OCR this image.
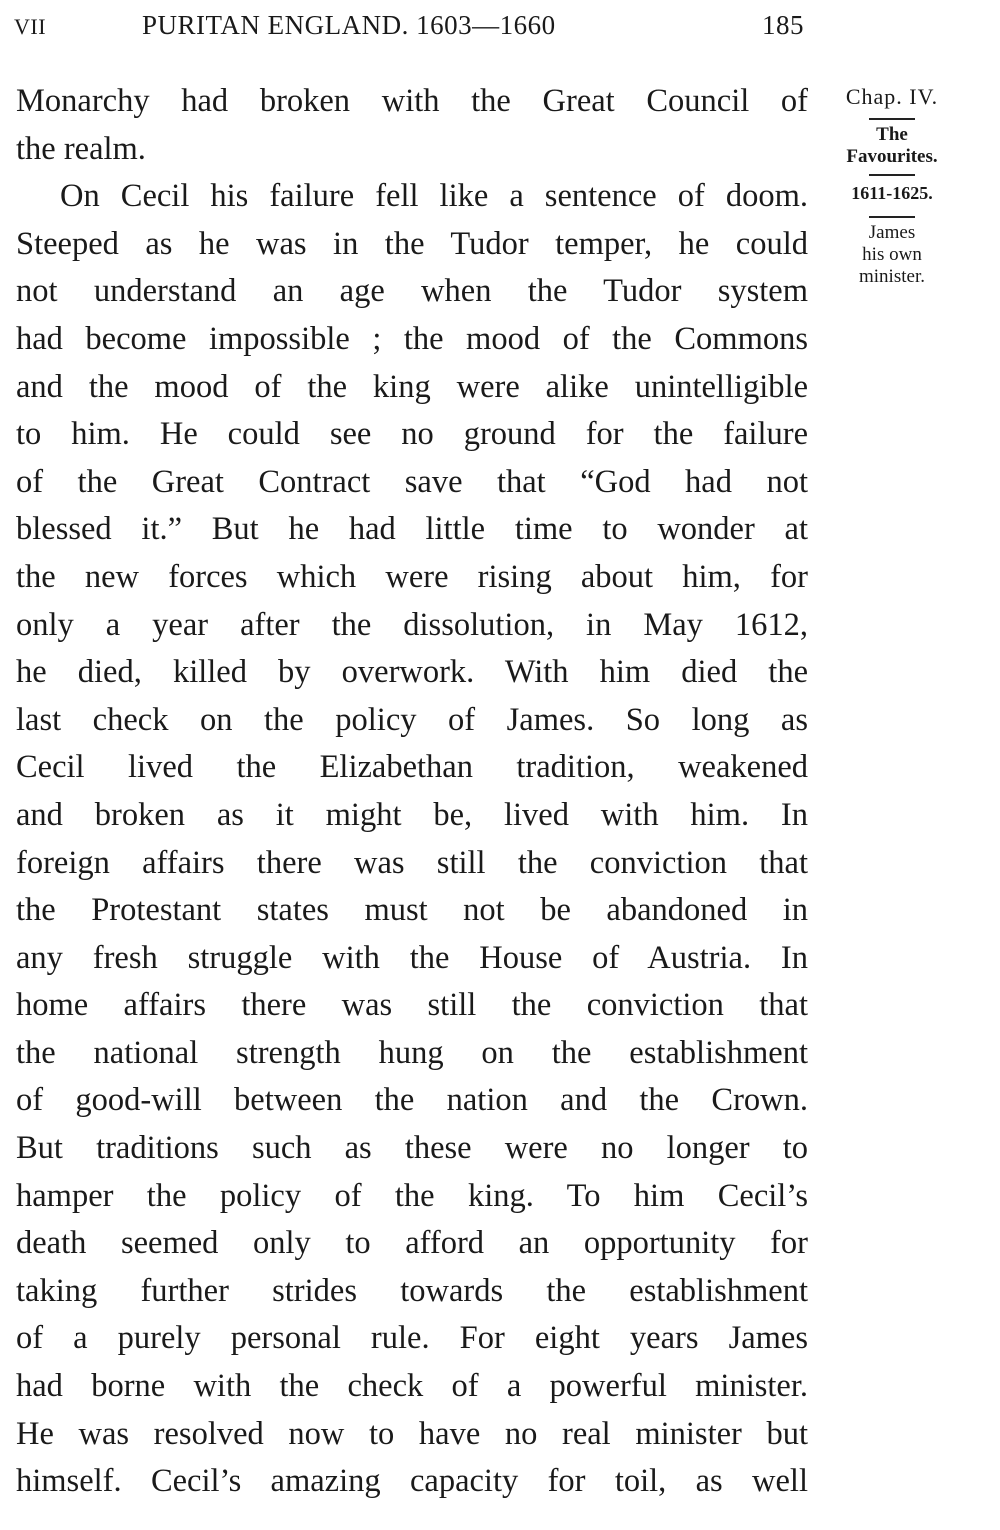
VII	PURITAN ENGLAND. 1603—1660	185
Monarchy had broken with the Great Council of
the realm.
On Cecil his failure fell like a sentence of doom.
Steeped as he was in the Tudor temper, he could
not understand an age when the Tudor system
had become impossible ; the mood of the Commons
and the mood of the king were alike unintelligible
to him. He could see no ground for the failure
of the Great Contract save that “God had not
blessed it.” But he had little time to wonder at
the new forces which were rising about him, for
only a year after the dissolution, in May 1612,
he died, killed by overwork. With him died the
last check on the policy of James. So long as
Cecil lived the Elizabethan tradition, weakened
and broken as it might be, lived with him. In
foreign affairs there was still the conviction that
the Protestant states must not be abandoned in
any fresh struggle with the House of Austria. In
home affairs there was still the conviction that
the national strength hung on the establishment
of good-will between the nation and the Crown.
But traditions such as these were no longer to
hamper the policy of the king. To him Cecil’s
death seemed only to afford an opportunity for
taking further strides towards the establishment
of a purely personal rule. For eight years James
had borne with the check of a powerful minister.
He was resolved now to have no real minister but
himself. Cecil’s amazing capacity for toil, as well
Chap. IV.
The
Favourites.
1611-1625.
James
his own
minister.
